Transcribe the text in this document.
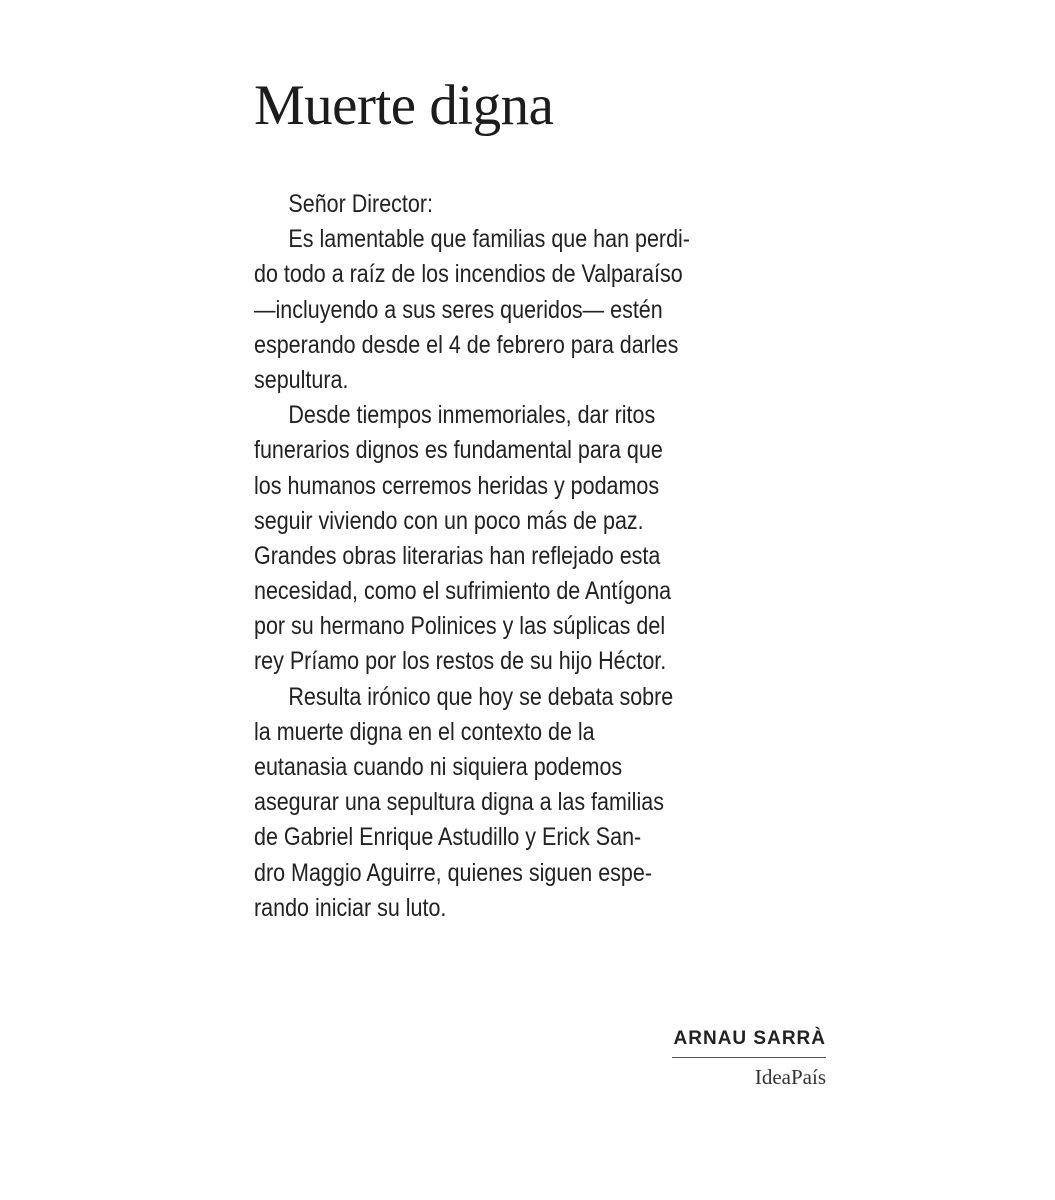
Muerte digna
Señor Director:
Es lamentable que familias que han perdi-
do todo a raíz de los incendios de Valparaíso
—incluyendo a sus seres queridos— estén
esperando desde el 4 de febrero para darles
sepultura.
Desde tiempos inmemoriales, dar ritos
funerarios dignos es fundamental para que
los humanos cerremos heridas y podamos
seguir viviendo con un poco más de paz.
Grandes obras literarias han reflejado esta
necesidad, como el sufrimiento de Antígona
por su hermano Polinices y las súplicas del
rey Príamo por los restos de su hijo Héctor.
Resulta irónico que hoy se debata sobre
la muerte digna en el contexto de la
eutanasia cuando ni siquiera podemos
asegurar una sepultura digna a las familias
de Gabriel Enrique Astudillo y Erick San-
dro Maggio Aguirre, quienes siguen espe-
rando iniciar su luto.
ARNAU SARRÀ
IdeaPaís
